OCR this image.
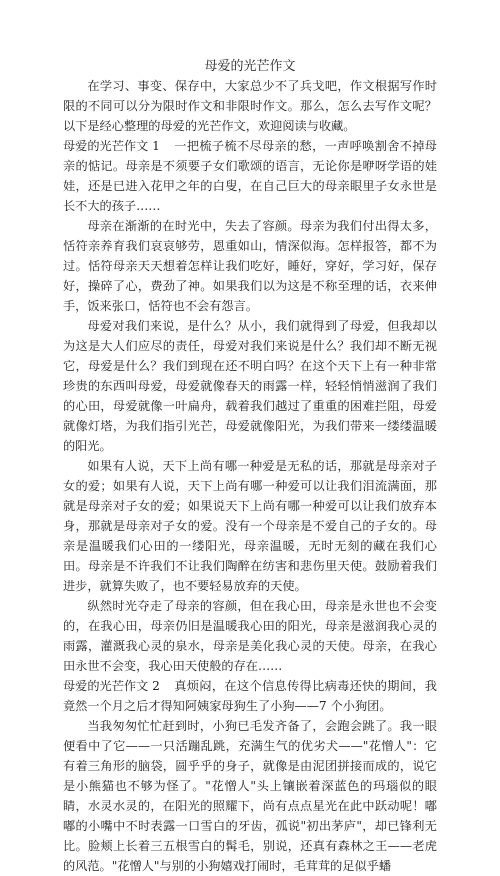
母爱的光芒作文

在学习、事变、保存中，大家总少不了兵戈吧，作文根据写作时限的不同可以分为限时作文和非限时作文。那么，怎么去写作文呢？以下是经心整理的母爱的光芒作文，欢迎阅读与收藏。

母爱的光芒作文 1 一把梳子梳不尽母亲的愁，一声呼唤割舍不掉母亲的惦记。母亲是不须要子女们歌颂的语言，无论你是咿呀学语的娃娃，还是已进入花甲之年的白叟，在自己巨大的母亲眼里子女永世是长不大的孩子……

母亲在渐渐的在时光中，失去了容颜。母亲为我们付出得太多，恬符亲养育我们哀哀够劳，恩重如山，情深似海。怎样报答，都不为过。恬符母亲天天想着怎样让我们吃好，睡好，穿好，学习好，保存好，操碎了心，费劲了神。如果我们以为这是不称至理的话，衣来伸手，饭来张口，恬符也不会有怨言。

母爱对我们来说，是什么？从小，我们就得到了母爱，但我却以为这是大人们应尽的责任，母爱对我们来说是什么？我们却不断无视它，母爱是什么？我们到现在还不明白吗？在这个天下上有一种非常珍贵的东西叫母爱，母爱就像春天的雨露一样，轻轻悄悄滋润了我们的心田，母爱就像一叶扁舟，载着我们越过了重重的困难拦阻，母爱就像灯塔，为我们指引光芒，母爱就像阳光，为我们带来一缕缕温暖的阳光。

如果有人说，天下上尚有哪一种爱是无私的话，那就是母亲对子女的爱；如果有人说，天下上尚有哪一种爱可以让我们泪流满面，那就是母亲对子女的爱；如果说天下上尚有哪一种爱可以让我们放弃本身，那就是母亲对子女的爱。没有一个母亲是不爱自己的子女的。母亲是温暖我们心田的一缕阳光，母亲温暖，无时无刻的藏在我们心田。母亲是不许我们不让我们陶醉在纺害和悲伤里天使。鼓励着我们进步，就算失败了，也不要轻易放弃的天使。

纵然时光夺走了母亲的容颜，但在我心田，母亲是永世也不会变的，在我心田，母亲仍旧是温暖我心田的阳光，母亲是滋润我心灵的雨露，灌溉我心灵的泉水，母亲是美化我心灵的天使。母亲，在我心田永世不会变，我心田天使般的存在……

母爱的光芒作文 2 真烦闷，在这个信息传得比病毒还快的期间，我竟然一个月之后才得知阿姨家母狗生了小狗——7 个小狗团。

当我匆匆忙忙赶到时，小狗已毛发齐备了，会跑会跳了。我一眼便看中了它——一只活蹦乱跳，充满生气的优劣犬——"花憎人"：它有着三角形的脑袋，圆乎乎的身子，就像是由泥团拼接而成的，说它是小熊猫也不够为怪了。"花憎人"头上镶嵌着深蓝色的玛瑙似的眼睛，水灵水灵的，在阳光的照耀下，尚有点点星光在此中跃动呢！嘟嘟的小嘴中不时表露一口雪白的牙齿，孤说"初出茅庐"，却已锋利无比。脸颊上长着三五根雪白的髯毛，别说，还真有森林之王——老虎的风范。"花憎人"与别的小狗嬉戏打闹时，毛茸茸的足似乎蟠
